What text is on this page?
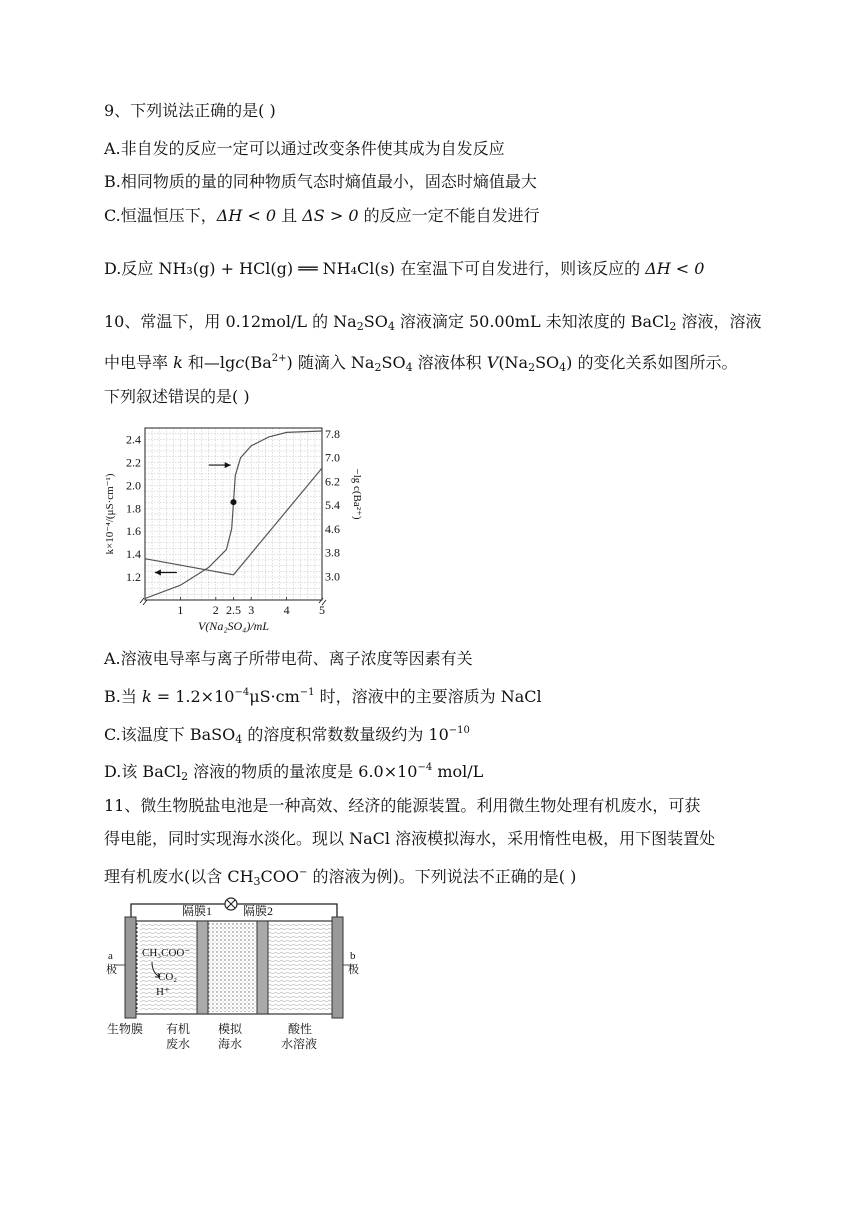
9、下列说法正确的是( )
A.非自发的反应一定可以通过改变条件使其成为自发反应
B.相同物质的量的同种物质气态时熵值最小，固态时熵值最大
C.恒温恒压下，ΔH < 0 且 ΔS > 0 的反应一定不能自发进行
D.反应 NH₃(g) + HCl(g) ══ NH₄Cl(s) 在室温下可自发进行，则该反应的 ΔH < 0
10、常温下，用 0.12mol/L 的 $Na_2SO_4$ 溶液滴定 50.00mL 未知浓度的 BaCl$_2$ 溶液，溶液
中电导率 k 和$—\lg c(Ba^{2+})$ 随滴入 $Na_2SO_4$ 溶液体积 $V(Na_2SO_4)$ 的变化关系如图所示。
下列叙述错误的是( )
1 2 2.5 3 4 5
1.2
1.4
1.6
1.8
2.0
2.2
2.4
3.0
3.8
4.6
5.4
6.2
7.0
7.8
V(Na₂SO₄)/mL
k×10⁻⁴/(μS·cm⁻¹)	−lg c(Ba²⁺)
A.溶液电导率与离子所带电荷、离子浓度等因素有关
B.当 $k = 1.2\times 10^{-4}\mu S\cdot cm^{-1}$ 时，溶液中的主要溶质为 NaCl
C.该温度下 BaSO$_4$ 的溶度积常数数量级约为 $10^{-10}$
D.该 BaCl$_2$ 溶液的物质的量浓度是 $6.0\times 10^{-4}$ mol/L
11、微生物脱盐电池是一种高效、经济的能源装置。利用微生物处理有机废水，可获
得电能，同时实现海水淡化。现以 NaCl 溶液模拟海水，采用惰性电极，用下图装置处
理有机废水(以含 $CH_3COO^-$ 的溶液为例)。下列说法不正确的是( )
隔膜1	隔膜2
CH₃COO⁻
CO₂
H⁺
a
极
b
极
生物膜 有机
废水
模拟
海水
酸性
水溶液
